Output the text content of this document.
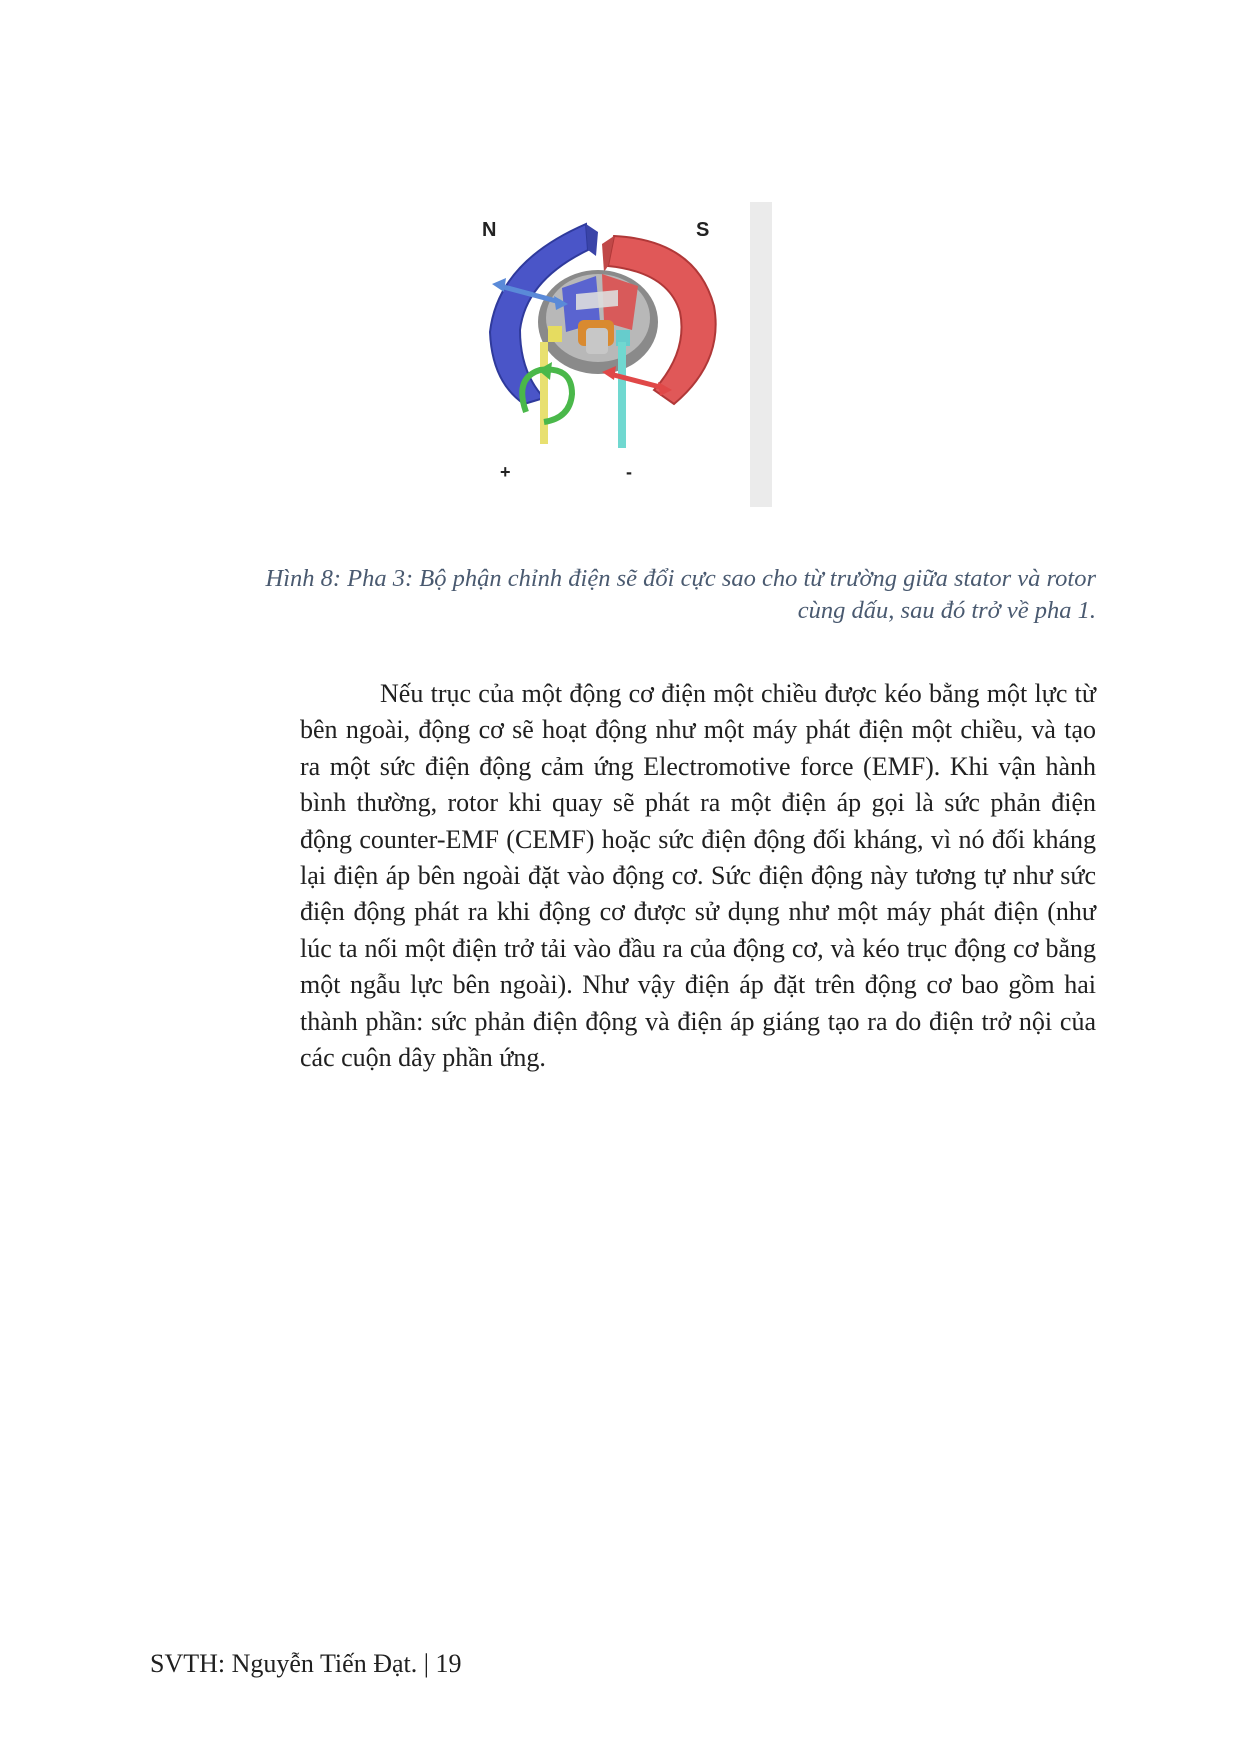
N	S
+	-
Hình 8: Pha 3: Bộ phận chỉnh điện sẽ đổi cực sao cho từ trường giữa stator và rotor
cùng dấu, sau đó trở về pha 1.

Nếu trục của một động cơ điện một chiều được kéo bằng một lực từ bên ngoài, động cơ sẽ hoạt động như một máy phát điện một chiều, và tạo ra một sức điện động cảm ứng Electromotive force (EMF). Khi vận hành bình thường, rotor khi quay sẽ phát ra một điện áp gọi là sức phản điện động counter-EMF (CEMF) hoặc sức điện động đối kháng, vì nó đối kháng lại điện áp bên ngoài đặt vào động cơ. Sức điện động này tương tự như sức điện động phát ra khi động cơ được sử dụng như một máy phát điện (như lúc ta nối một điện trở tải vào đầu ra của động cơ, và kéo trục động cơ bằng một ngẫu lực bên ngoài). Như vậy điện áp đặt trên động cơ bao gồm hai thành phần: sức phản điện động và điện áp giáng tạo ra do điện trở nội của các cuộn dây phần ứng.

SVTH: Nguyễn Tiến Đạt. | 19
